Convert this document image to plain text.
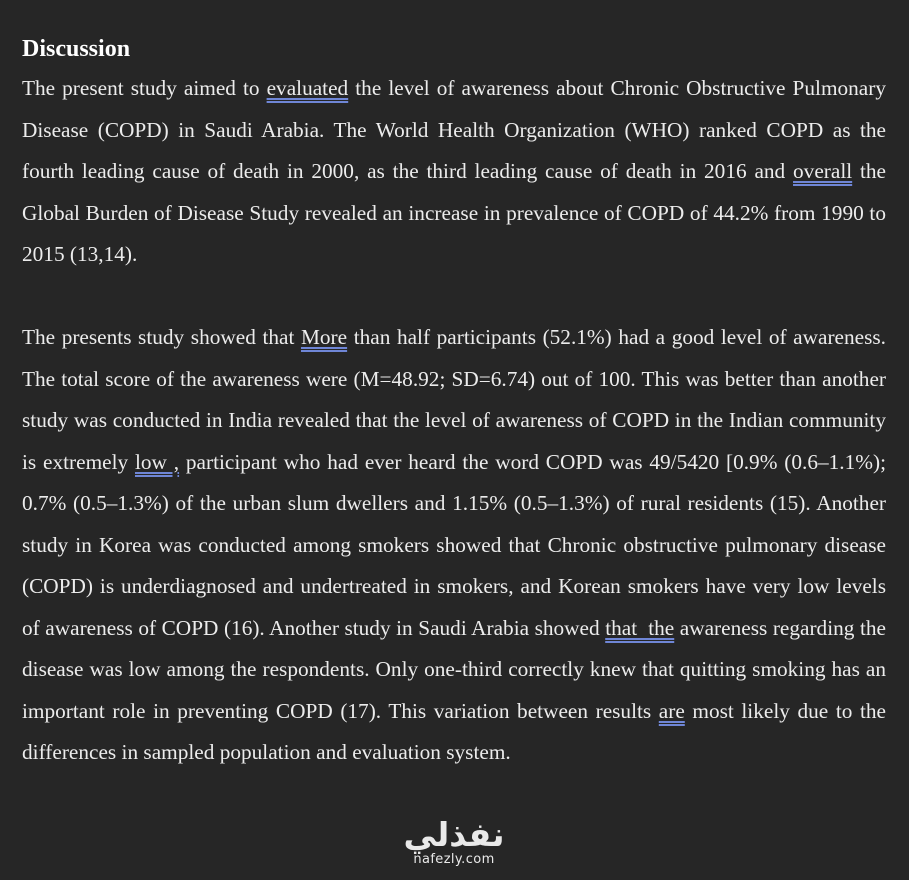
Discussion

The present study aimed to evaluated the level of awareness about Chronic Obstructive Pulmonary Disease (COPD) in Saudi Arabia. The World Health Organization (WHO) ranked COPD as the fourth leading cause of death in 2000, as the third leading cause of death in 2016 and overall the Global Burden of Disease Study revealed an increase in prevalence of COPD of 44.2% from 1990 to 2015 (13,14).

The presents study showed that More than half participants (52.1%) had a good level of awareness. The total score of the awareness were (M=48.92; SD=6.74) out of 100. This was better than another study was conducted in India revealed that the level of awareness of COPD in the Indian community is extremely low , participant who had ever heard the word COPD was 49/5420 [0.9% (0.6–1.1%); 0.7% (0.5–1.3%) of the urban slum dwellers and 1.15% (0.5–1.3%) of rural residents (15). Another study in Korea was conducted among smokers showed that Chronic obstructive pulmonary disease (COPD) is underdiagnosed and undertreated in smokers, and Korean smokers have very low levels of awareness of COPD (16). Another study in Saudi Arabia showed that  the awareness regarding the disease was low among the respondents. Only one-third correctly knew that quitting smoking has an important role in preventing COPD (17). This variation between results are most likely due to the differences in sampled population and evaluation system.

نفذلي
nafezly.com
